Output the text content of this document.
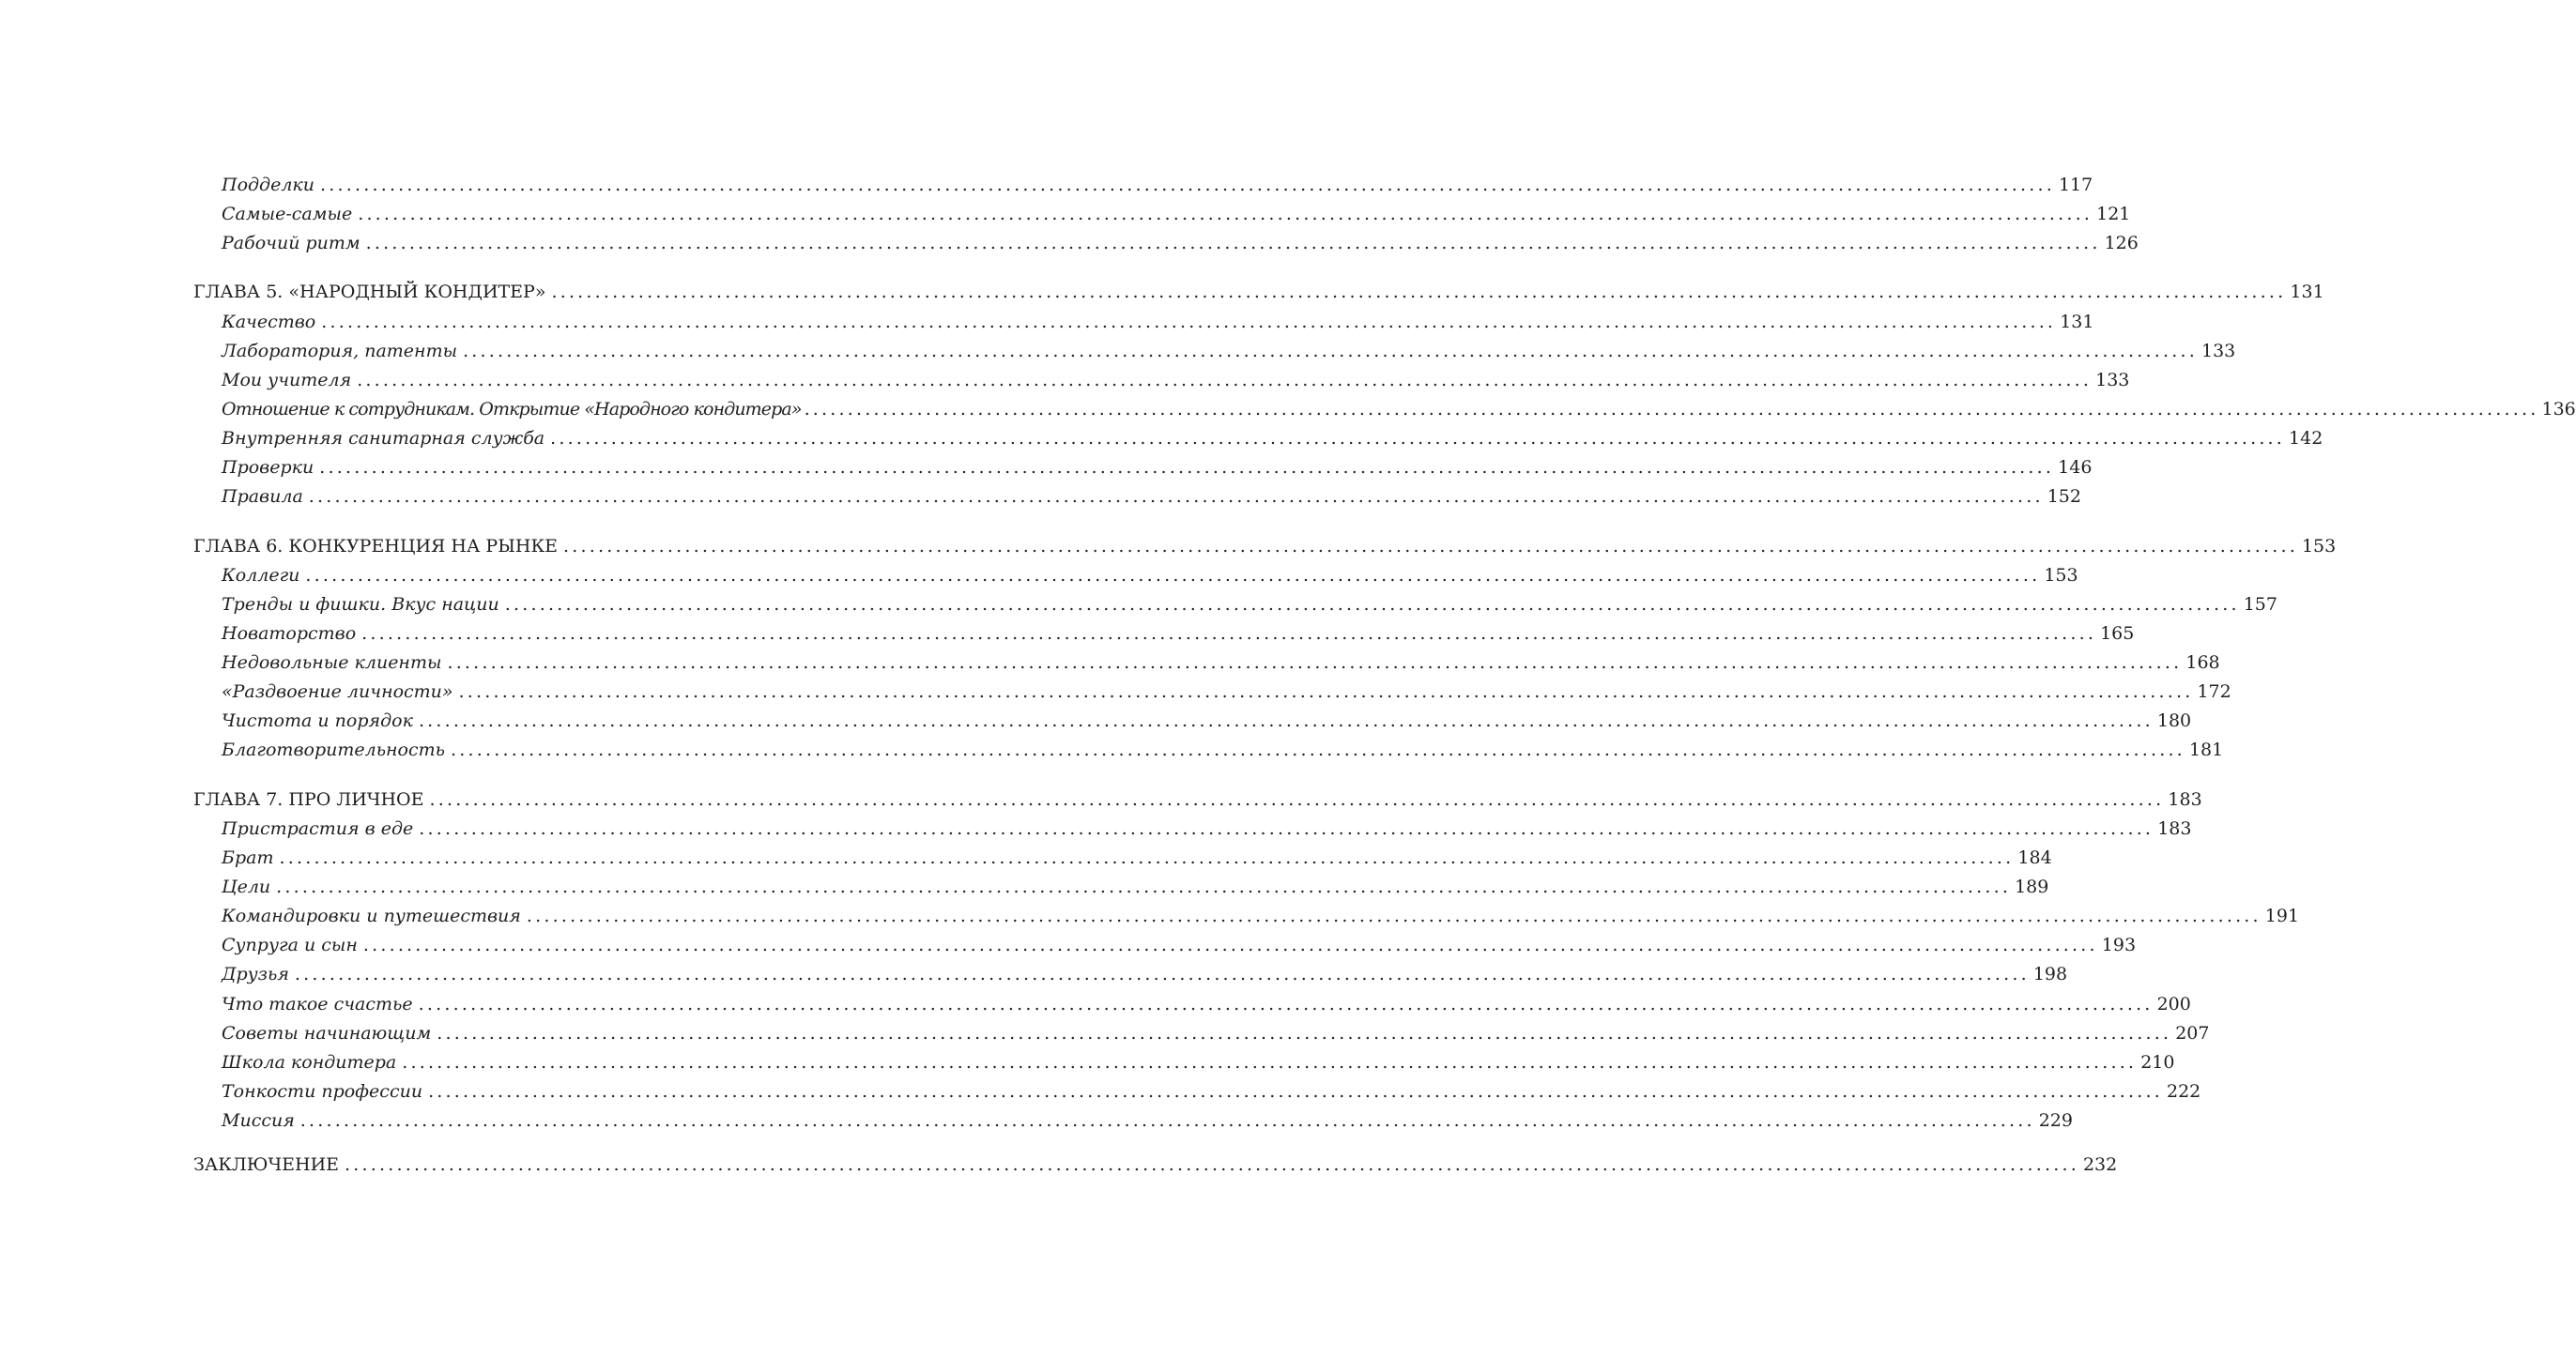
Подделки ........................................................................................................................................................................................................ 117
Самые-самые ........................................................................................................................................................................................................ 121
Рабочий ритм ........................................................................................................................................................................................................ 126
ГЛАВА 5. «НАРОДНЫЙ КОНДИТЕР» ........................................................................................................................................................................................................ 131
Качество ........................................................................................................................................................................................................ 131
Лаборатория, патенты ........................................................................................................................................................................................................ 133
Мои учителя ........................................................................................................................................................................................................ 133
Отношение к сотрудникам. Открытие «Народного кондитера» ........................................................................................................................................................................................................ 136
Внутренняя санитарная служба ........................................................................................................................................................................................................ 142
Проверки ........................................................................................................................................................................................................ 146
Правила ........................................................................................................................................................................................................ 152
ГЛАВА 6. КОНКУРЕНЦИЯ НА РЫНКЕ ........................................................................................................................................................................................................ 153
Коллеги ........................................................................................................................................................................................................ 153
Тренды и фишки. Вкус нации ........................................................................................................................................................................................................ 157
Новаторство ........................................................................................................................................................................................................ 165
Недовольные клиенты ........................................................................................................................................................................................................ 168
«Раздвоение личности» ........................................................................................................................................................................................................ 172
Чистота и порядок ........................................................................................................................................................................................................ 180
Благотворительность ........................................................................................................................................................................................................ 181
ГЛАВА 7. ПРО ЛИЧНОЕ ........................................................................................................................................................................................................ 183
Пристрастия в еде ........................................................................................................................................................................................................ 183
Брат ........................................................................................................................................................................................................ 184
Цели ........................................................................................................................................................................................................ 189
Командировки и путешествия ........................................................................................................................................................................................................ 191
Супруга и сын ........................................................................................................................................................................................................ 193
Друзья ........................................................................................................................................................................................................ 198
Что такое счастье ........................................................................................................................................................................................................ 200
Советы начинающим ........................................................................................................................................................................................................ 207
Школа кондитера ........................................................................................................................................................................................................ 210
Тонкости профессии ........................................................................................................................................................................................................ 222
Миссия ........................................................................................................................................................................................................ 229
ЗАКЛЮЧЕНИЕ ........................................................................................................................................................................................................ 232
